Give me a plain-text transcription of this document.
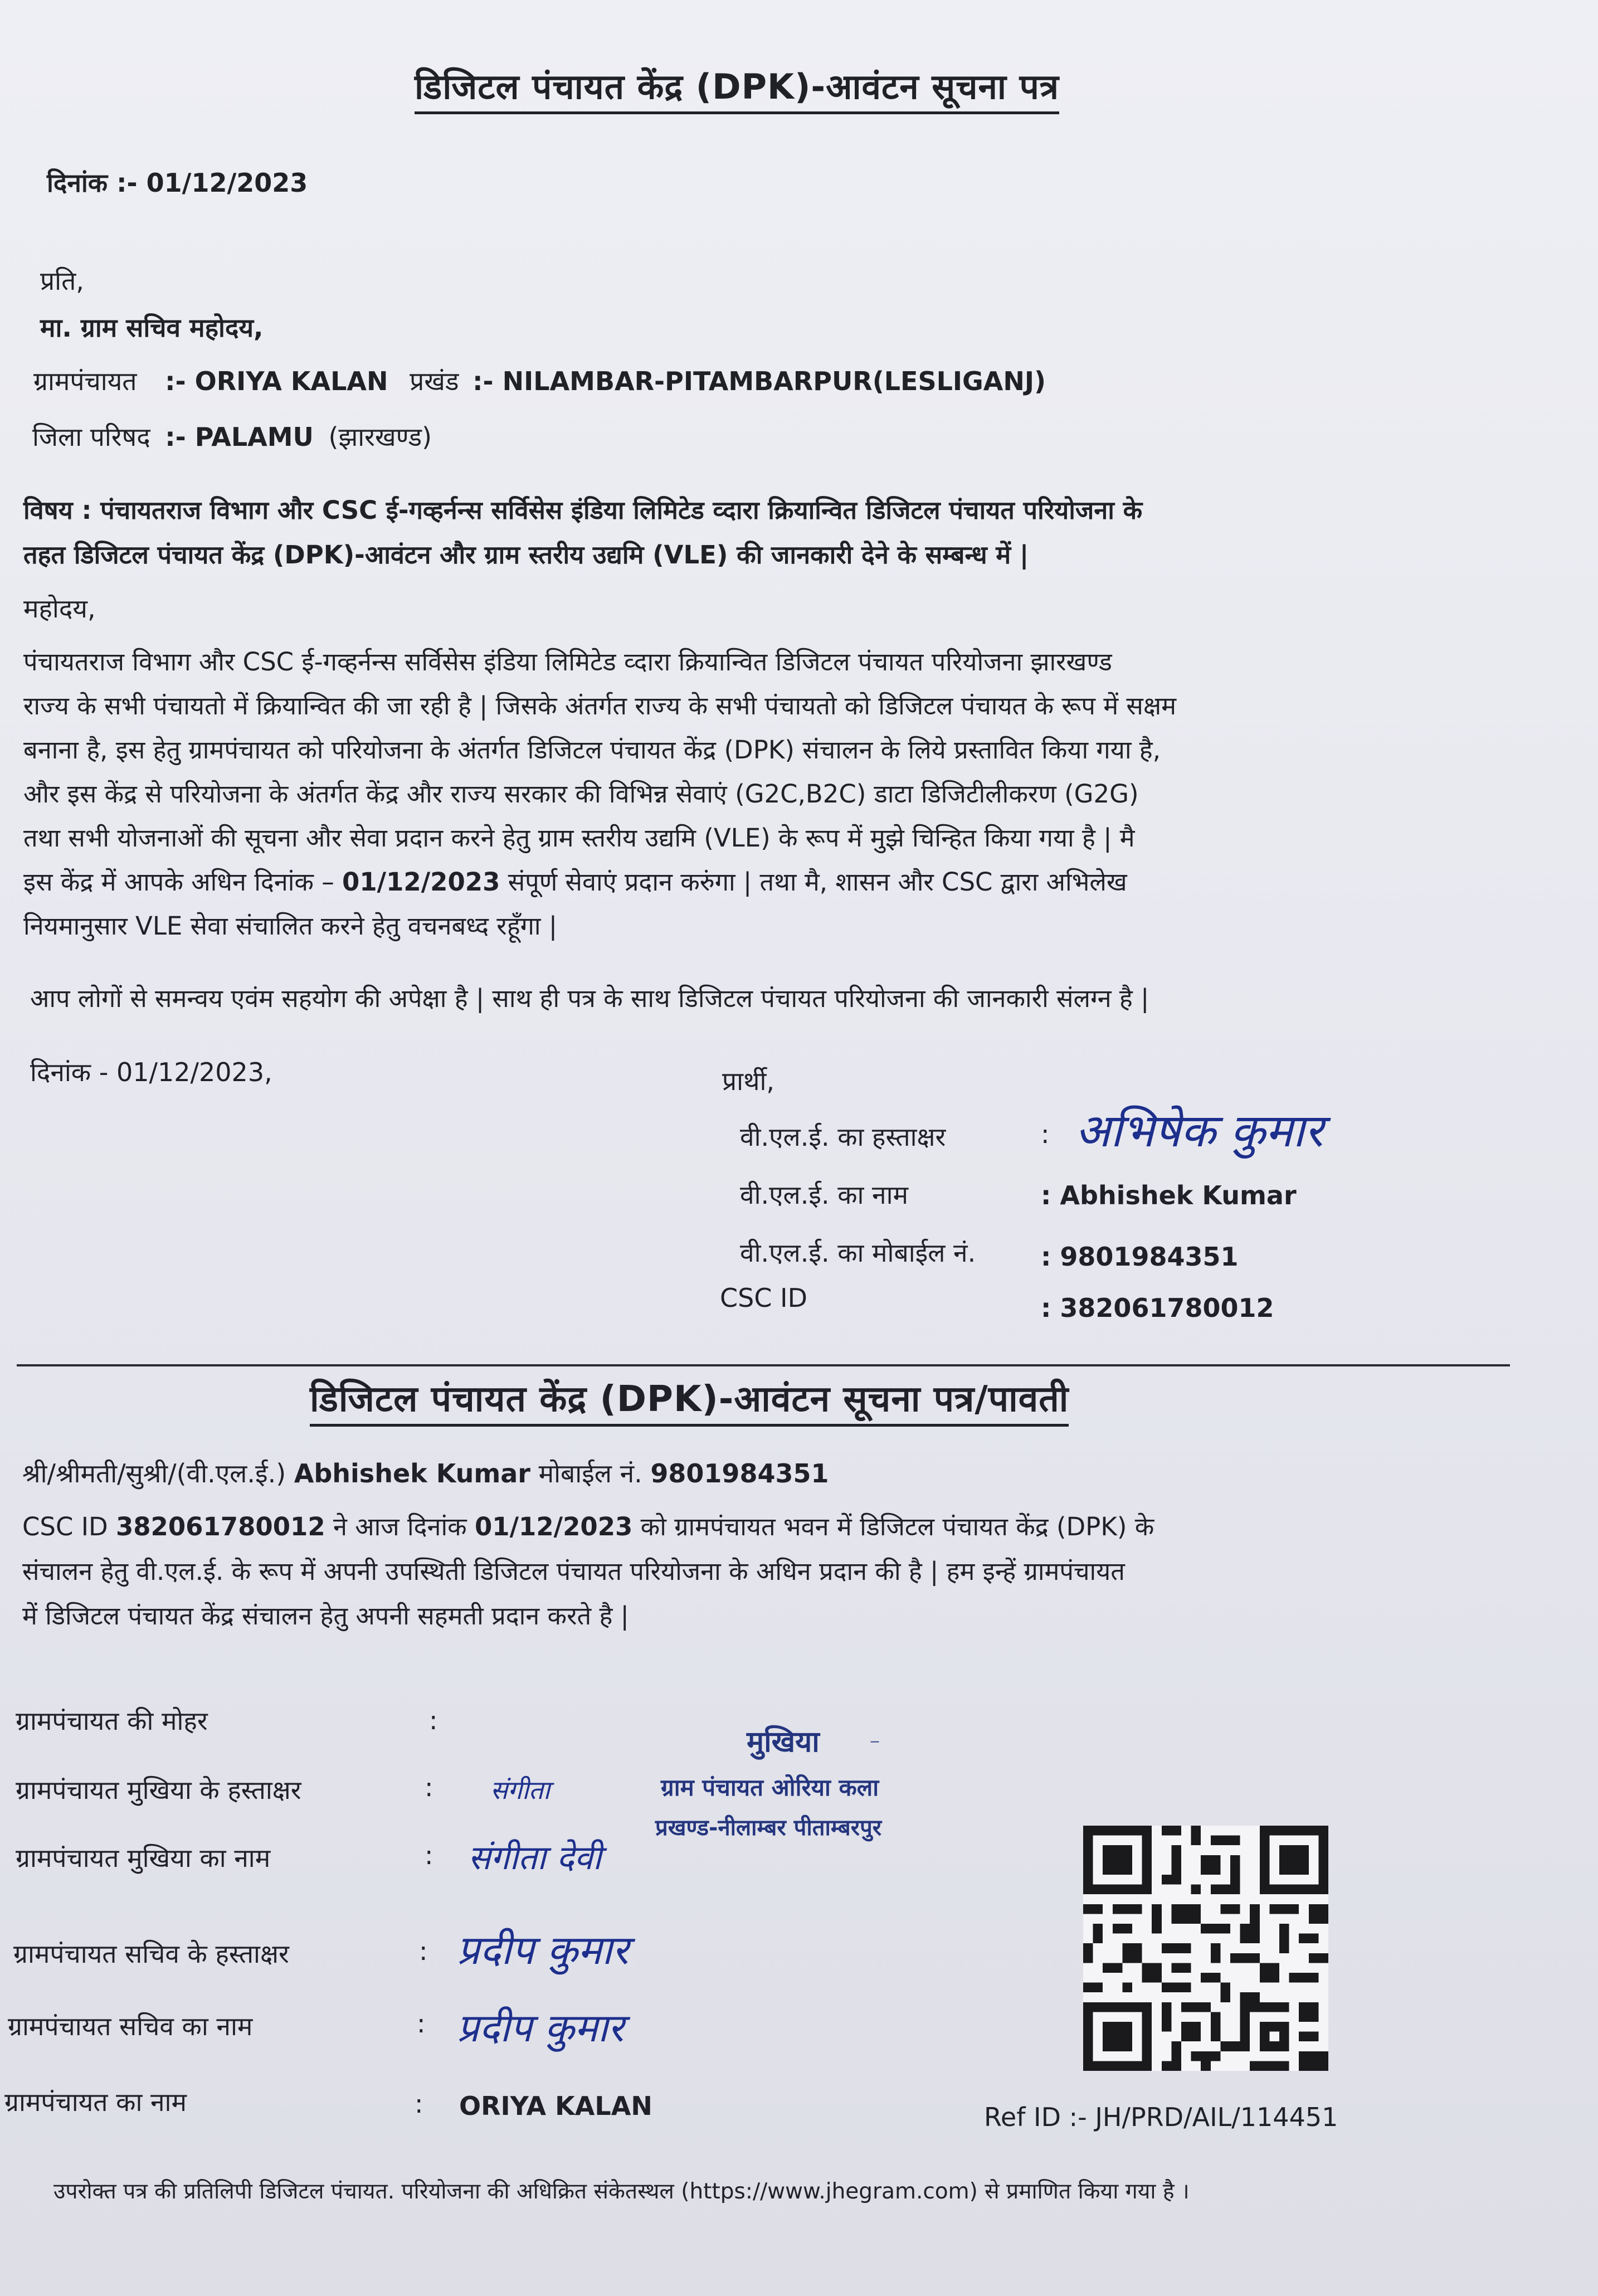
डिजिटल पंचायत केंद्र (DPK)-आवंटन सूचना पत्र
दिनांक :- 01/12/2023
प्रति,
मा. ग्राम सचिव महोदय,
ग्रामपंचायत :- ORIYA KALAN प्रखंड :- NILAMBAR-PITAMBARPUR(LESLIGANJ)
जिला परिषद :- PALAMU (झारखण्ड)
विषय : पंचायतराज विभाग और CSC ई-गव्हर्नन्स सर्विसेस इंडिया लिमिटेड व्दारा क्रियान्वित डिजिटल पंचायत परियोजना के
तहत डिजिटल पंचायत केंद्र (DPK)-आवंटन और ग्राम स्तरीय उद्यमि (VLE) की जानकारी देने के सम्बन्ध में |
महोदय,
पंचायतराज विभाग और CSC ई-गव्हर्नन्स सर्विसेस इंडिया लिमिटेड व्दारा क्रियान्वित डिजिटल पंचायत परियोजना झारखण्ड
राज्य के सभी पंचायतो में क्रियान्वित की जा रही है | जिसके अंतर्गत राज्य के सभी पंचायतो को डिजिटल पंचायत के रूप में सक्षम
बनाना है, इस हेतु ग्रामपंचायत को परियोजना के अंतर्गत डिजिटल पंचायत केंद्र (DPK) संचालन के लिये प्रस्तावित किया गया है,
और इस केंद्र से परियोजना के अंतर्गत केंद्र और राज्य सरकार की विभिन्न सेवाएं (G2C,B2C) डाटा डिजिटीलीकरण (G2G)
तथा सभी योजनाओं की सूचना और सेवा प्रदान करने हेतु ग्राम स्तरीय उद्यमि (VLE) के रूप में मुझे चिन्हित किया गया है | मै
इस केंद्र में आपके अधिन दिनांक – 01/12/2023 संपूर्ण सेवाएं प्रदान करुंगा | तथा मै, शासन और CSC द्वारा अभिलेख
नियमानुसार VLE सेवा संचालित करने हेतु वचनबध्द रहूँगा |
आप लोगों से समन्वय एवंम सहयोग की अपेक्षा है | साथ ही पत्र के साथ डिजिटल पंचायत परियोजना की जानकारी संलग्न है |
दिनांक - 01/12/2023,	प्रार्थी,
वी.एल.ई. का हस्ताक्षर	: अभिषेक कुमार
वी.एल.ई. का नाम	: Abhishek Kumar
वी.एल.ई. का मोबाईल नं.	: 9801984351
CSC ID	: 382061780012
डिजिटल पंचायत केंद्र (DPK)-आवंटन सूचना पत्र/पावती
श्री/श्रीमती/सुश्री/(वी.एल.ई.) Abhishek Kumar मोबाईल नं. 9801984351
CSC ID 382061780012 ने आज दिनांक 01/12/2023 को ग्रामपंचायत भवन में डिजिटल पंचायत केंद्र (DPK) के
संचालन हेतु वी.एल.ई. के रूप में अपनी उपस्थिती डिजिटल पंचायत परियोजना के अधिन प्रदान की है | हम इन्हें ग्रामपंचायत
में डिजिटल पंचायत केंद्र संचालन हेतु अपनी सहमती प्रदान करते है |
ग्रामपंचायत की मोहर	:
ग्रामपंचायत मुखिया के हस्ताक्षर	: संगीता
ग्रामपंचायत मुखिया का नाम	: संगीता देवी
ग्रामपंचायत सचिव के हस्ताक्षर	: प्रदीप कुमार
ग्रामपंचायत सचिव का नाम	: प्रदीप कुमार
ग्रामपंचायत का नाम	: ORIYA KALAN
मुखिया ⁻
ग्राम पंचायत ओरिया कला
प्रखण्ड-नीलाम्बर पीताम्बरपुर
Ref ID :- JH/PRD/AIL/114451
उपरोक्त पत्र की प्रतिलिपी डिजिटल पंचायत. परियोजना की अधिक्रित संकेतस्थल (https://www.jhegram.com) से प्रमाणित किया गया है ।
